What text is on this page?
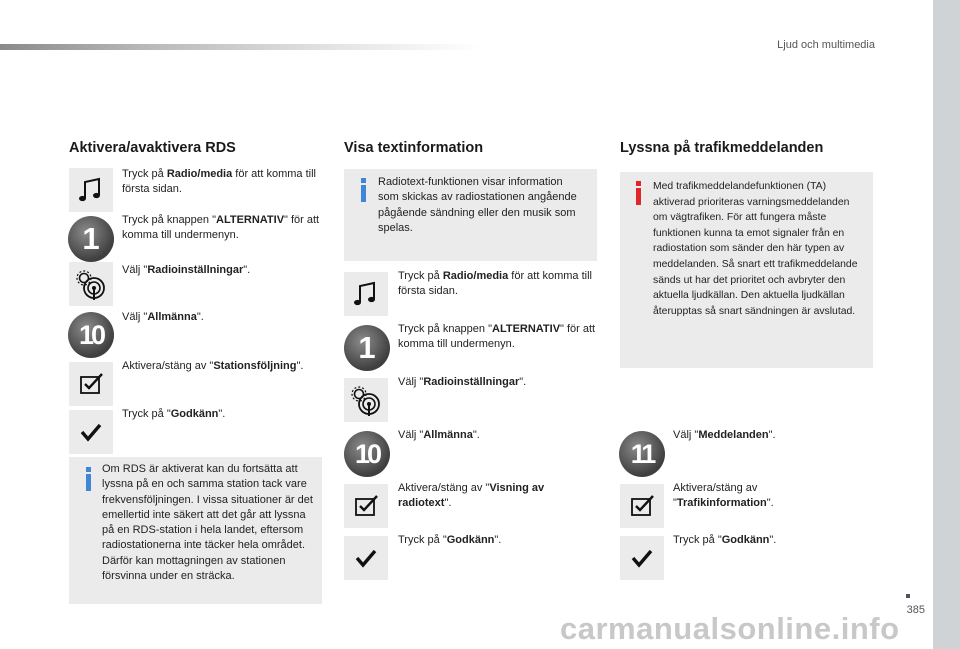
Ljud och multimedia
385
Aktivera/avaktivera RDS
Tryck på Radio/media för att komma till första sidan.
1
Tryck på knappen "ALTERNATIV" för att komma till undermenyn.
Välj "Radioinställningar".
10
Välj "Allmänna".
Aktivera/stäng av "Stationsföljning".
Tryck på "Godkänn".
Om RDS är aktiverat kan du fortsätta att lyssna på en och samma station tack vare frekvensföljningen. I vissa situationer är det emellertid inte säkert att det går att lyssna på en RDS-station i hela landet, eftersom radiostationerna inte täcker hela området. Därför kan mottagningen av stationen försvinna under en sträcka.
Visa textinformation
Radiotext-funktionen visar information som skickas av radiostationen angående pågående sändning eller den musik som spelas.
Tryck på Radio/media för att komma till första sidan.
1
Tryck på knappen "ALTERNATIV" för att komma till undermenyn.
Välj "Radioinställningar".
10
Välj "Allmänna".
Aktivera/stäng av "Visning av radiotext".
Tryck på "Godkänn".
Lyssna på trafikmeddelanden
Med trafikmeddelandefunktionen (TA) aktiverad prioriteras varningsmeddelanden om vägtrafiken. För att fungera måste funktionen kunna ta emot signaler från en radiostation som sänder den här typen av meddelanden. Så snart ett trafikmeddelande sänds ut har det prioritet och avbryter den aktuella ljudkällan. Den aktuella ljudkällan återupptas så snart sändningen är avslutad.
11
Välj "Meddelanden".
Aktivera/stäng av "Trafikinformation".
Tryck på "Godkänn".
carmanualsonline.info
